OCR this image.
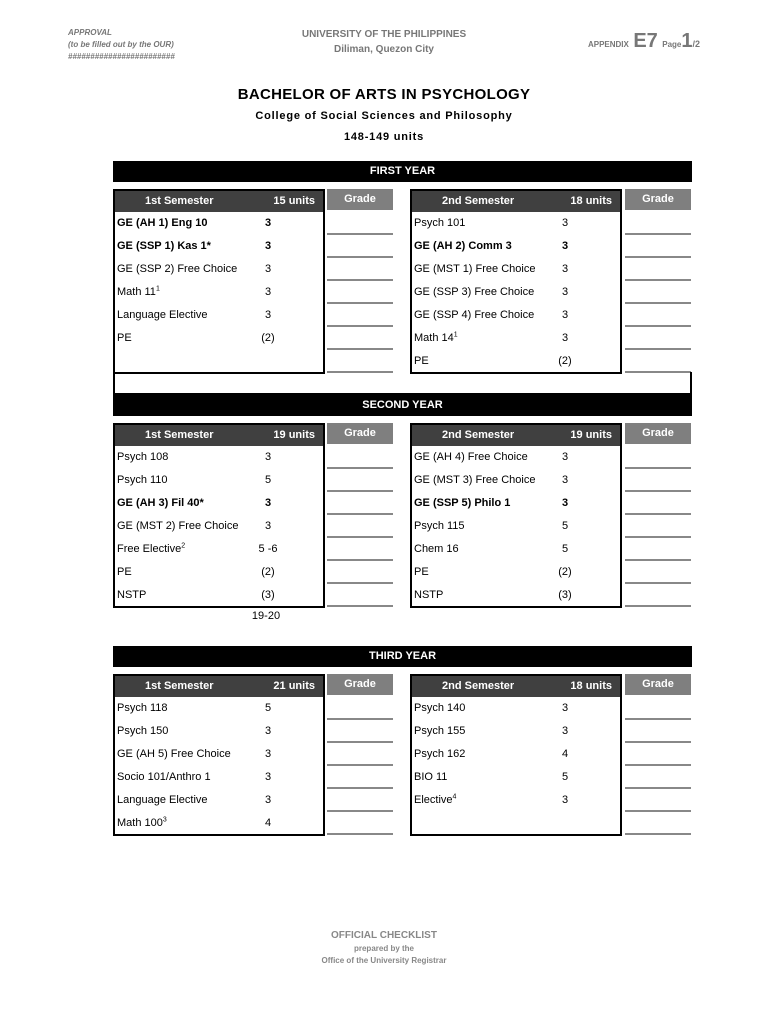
APPROVAL
(to be filled out by the OUR)
########################
UNIVERSITY OF THE PHILIPPINES
Diliman, Quezon City	APPENDIX E7 Page1/2
BACHELOR OF ARTS IN PSYCHOLOGY
College of Social Sciences and Philosophy
148-149 units
FIRST YEAR
1st Semester	15 units
GE (AH 1) Eng 10	3
GE (SSP 1) Kas 1*	3
GE (SSP 2) Free Choice	3
Math $11^1$	3
Language Elective	3
PE	(2)
Grade	2nd Semester	18 units
Psych 101	3
GE (AH 2) Comm 3	3
GE (MST 1) Free Choice	3
GE (SSP 3) Free Choice	3
GE (SSP 4) Free Choice	3
Math $14^1$	3
PE	(2)
Grade
SECOND YEAR
1st Semester	19 units
Psych 108	3
Psych 110	5
GE (AH 3) Fil 40*	3
GE (MST 2) Free Choice	3
Free Elective$^2$	5 -6
PE	(2)
NSTP	(3)
Grade
19-20
2nd Semester	19 units
GE (AH 4) Free Choice	3
GE (MST 3) Free Choice	3
GE (SSP 5) Philo 1	3
Psych 115	5
Chem 16	5
PE	(2)
NSTP	(3)
Grade
THIRD YEAR
1st Semester	21 units
Psych 118	5
Psych 150	3
GE (AH 5) Free Choice	3
Socio 101/Anthro 1	3
Language Elective	3
Math $100^3$	4
Grade	2nd Semester	18 units
Psych 140	3
Psych 155	3
Psych 162	4
BIO 11	5
Elective$^4$	3
Grade
OFFICIAL CHECKLIST
prepared by the
Office of the University Registrar
